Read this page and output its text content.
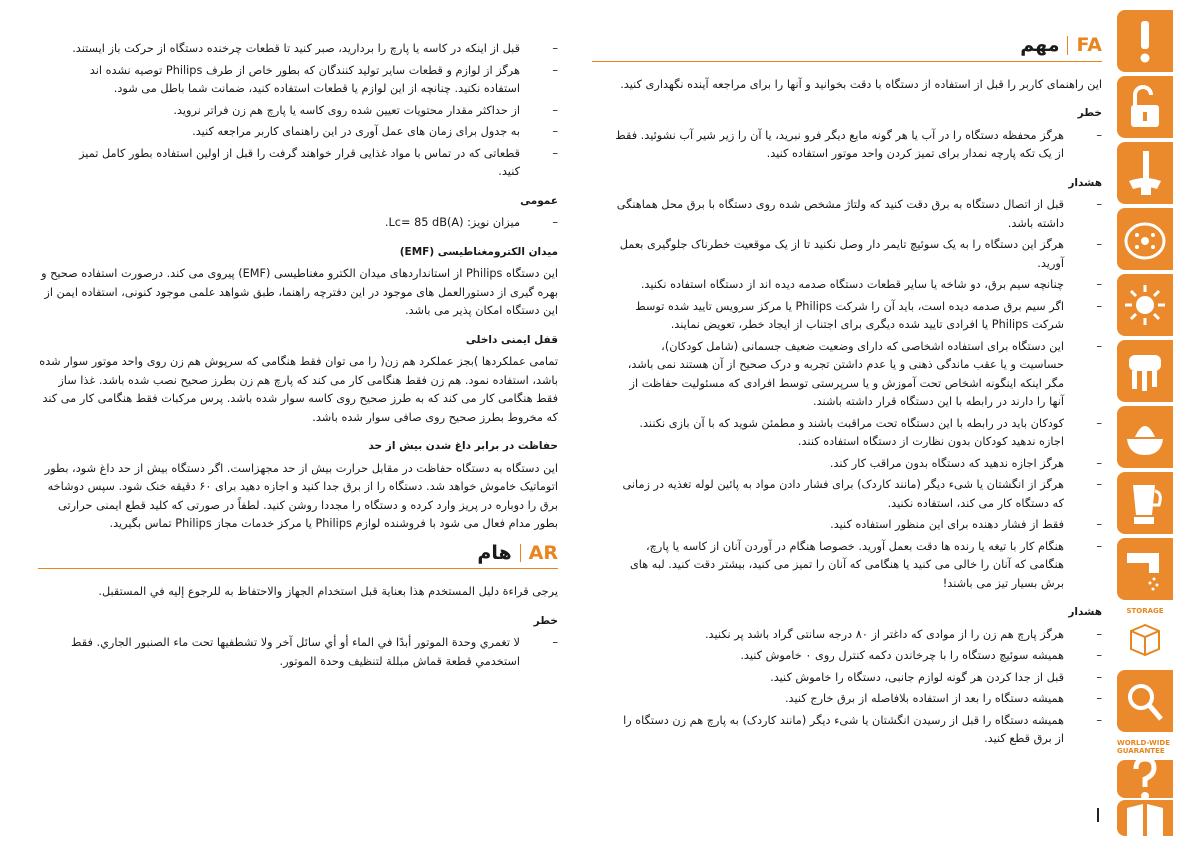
– قبل از اینکه در کاسه یا پارچ را بردارید، صبر کنید تا قطعات چرخنده دستگاه از حرکت باز ایستند.
– هرگز از لوازم و قطعات سایر تولید کنندگان که بطور خاص از طرف Philips توصیه نشده اند استفاده نکنید. چنانچه از این لوازم یا قطعات استفاده کنید، ضمانت شما باطل می شود.
– از حداکثر مقدار محتویات تعیین شده روی کاسه یا پارچ هم زن فراتر نروید.
– به جدول برای زمان های عمل آوری در این راهنمای کاربر مراجعه کنید.
– قطعاتی که در تماس با مواد غذایی قرار خواهند گرفت را قبل از اولین استفاده بطور کامل تمیز کنید.
عمومی
– میزان نویز: Lc= 85 dB(A).
میدان الکترومغناطیسی (EMF)

این دستگاه Philips از استانداردهای میدان الکترو مغناطیسی (EMF) پیروی می کند. درصورت استفاده صحیح و بهره گیری از دستورالعمل های موجود در این دفترچه راهنما، طبق شواهد علمی موجود کنونی، استفاده ایمن از این دستگاه امکان پذیر می باشد.

قفل ایمنی داخلی

تمامی عملکردها )بجز عملکرد هم زن( را می توان فقط هنگامی که سرپوش هم زن روی واحد موتور سوار شده باشد، استفاده نمود. هم زن فقط هنگامی کار می کند که پارچ هم زن بطرز صحیح نصب شده باشد. غذا ساز فقط هنگامی کار می کند که به طرز صحیح روی کاسه سوار شده باشد. پرس مرکبات فقط هنگامی کار می کند که مخروط بطرز صحیح روی صافی سوار شده باشد.

حفاظت در برابر داغ شدن بیش از حد

این دستگاه به دستگاه حفاظت در مقابل حرارت بیش از حد مجهزاست. اگر دستگاه بیش از حد داغ شود، بطور اتوماتیک خاموش خواهد شد. دستگاه را از برق جدا کنید و اجازه دهید برای ۶۰ دقیقه خنک شود. سپس دوشاخه برق را دوباره در پریز وارد کرده و دستگاه را مجددا روشن کنید. لطفاً در صورتی که کلید قطع ایمنی حرارتی بطور مدام فعال می شود با فروشنده لوازم Philips یا مرکز خدمات مجاز Philips تماس بگیرید.

AR
هام

يرجى قراءة دليل المستخدم هذا بعناية قبل استخدام الجهاز والاحتفاظ به للرجوع إليه في المستقبل.

خطر
– لا تغمري وحدة الموتور أبدًا في الماء أو أي سائل آخر ولا تشطفيها تحت ماء الصنبور الجاري. فقط استخدمي قطعة قماش مبللة لتنظيف وحدة الموتور.
FA
مهم

این راهنمای کاربر را قبل از استفاده از دستگاه با دقت بخوانید و آنها را برای مراجعه آینده نگهداری کنید.

خطر
– هرگز محفظه دستگاه را در آب یا هر گونه مایع دیگر فرو نبرید، یا آن را زیر شیر آب نشوئید. فقط از یک تکه پارچه نمدار برای تمیز کردن واحد موتور استفاده کنید.
هشدار
– قبل از اتصال دستگاه به برق دقت کنید که ولتاژ مشخص شده روی دستگاه با برق محل هماهنگی داشته باشد.
– هرگز این دستگاه را به یک سوئیچ تایمر دار وصل نکنید تا از یک موقعیت خطرناک جلوگیری بعمل آورید.
– چنانچه سیم برق، دو شاخه یا سایر قطعات دستگاه صدمه دیده اند از دستگاه استفاده نکنید.
– اگر سیم برق صدمه دیده است، باید آن را شرکت Philips یا مرکز سرویس تایید شده توسط شرکت Philips یا افرادی تایید شده دیگری برای اجتناب از ایجاد خطر، تعویض نمایند.
– این دستگاه برای استفاده اشخاصی که دارای وضعیت ضعیف جسمانی (شامل کودکان)، حساسیت و یا عقب ماندگی ذهنی و یا عدم داشتن تجربه و درک صحیح از آن هستند نمی باشد، مگر اینکه اینگونه اشخاص تحت آموزش و یا سرپرستی توسط افرادی که مسئولیت حفاظت از آنها را دارند در رابطه با این دستگاه قرار داشته باشند.
– کودکان باید در رابطه با این دستگاه تحت مراقبت باشند و مطمئن شوید که با آن بازی نکنند. اجازه ندهید کودکان بدون نظارت از دستگاه استفاده کنند.
– هرگز اجازه ندهید که دستگاه بدون مراقب کار کند.
– هرگز از انگشتان یا شیء دیگر (مانند کاردک) برای فشار دادن مواد به پائین لوله تغذیه در زمانی که دستگاه کار می کند، استفاده نکنید.
– فقط از فشار دهنده برای این منظور استفاده کنید.
– هنگام کار با تیغه یا رنده ها دقت بعمل آورید. خصوصا هنگام در آوردن آنان از کاسه یا پارچ، هنگامی که آنان را خالی می کنید یا هنگامی که آنان را تمیز می کنید، بیشتر دقت کنید. لبه های برش بسیار تیز می باشند!
هشدار
– هرگز پارچ هم زن را از موادی که داغتر از ۸۰ درجه سانتی گراد باشد پر نکنید.
– همیشه سوئیچ دستگاه را با چرخاندن دکمه کنترل روی ۰ خاموش کنید.
– قبل از جدا کردن هر گونه لوازم جانبی، دستگاه را خاموش کنید.
– همیشه دستگاه را بعد از استفاده بلافاصله از برق خارج کنید.
– همیشه دستگاه را قبل از رسیدن انگشتان یا شیء دیگر (مانند کاردک) به پارچ هم زن دستگاه را از برق قطع کنید.
STORAGE
WORLD-WIDE GUARANTEE
